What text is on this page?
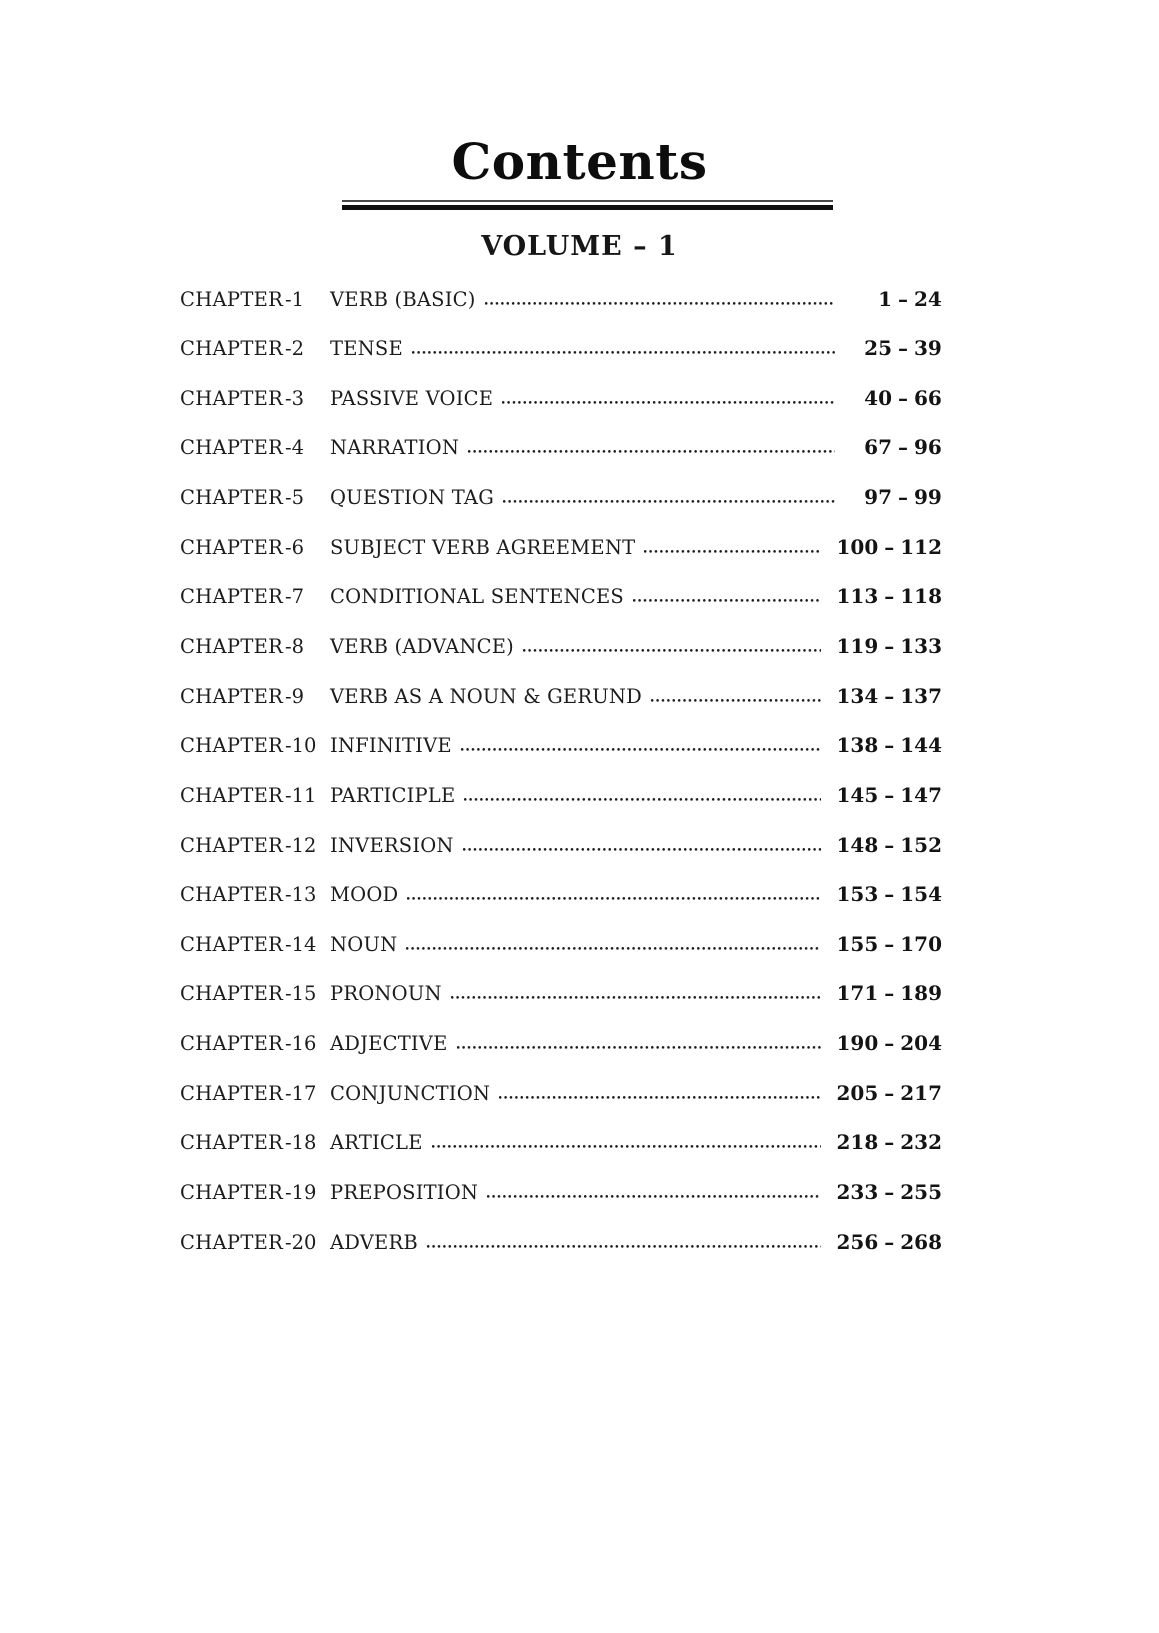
Contents
VOLUME – 1
CHAPTER -1	VERB (BASIC)	1 – 24
CHAPTER -2	TENSE	25 – 39
CHAPTER -3	PASSIVE VOICE	40 – 66
CHAPTER -4	NARRATION	67 – 96
CHAPTER -5	QUESTION TAG	97 – 99
CHAPTER -6	SUBJECT VERB AGREEMENT	100 – 112
CHAPTER -7	CONDITIONAL SENTENCES	113 – 118
CHAPTER -8	VERB (ADVANCE)	119 – 133
CHAPTER -9	VERB AS A NOUN & GERUND	134 – 137
CHAPTER -10 INFINITIVE	138 – 144
CHAPTER -11 PARTICIPLE	145 – 147
CHAPTER -12 INVERSION	148 – 152
CHAPTER -13 MOOD	153 – 154
CHAPTER -14 NOUN	155 – 170
CHAPTER -15 PRONOUN	171 – 189
CHAPTER -16 ADJECTIVE	190 – 204
CHAPTER -17 CONJUNCTION	205 – 217
CHAPTER -18 ARTICLE	218 – 232
CHAPTER -19 PREPOSITION	233 – 255
CHAPTER -20 ADVERB	256 – 268
